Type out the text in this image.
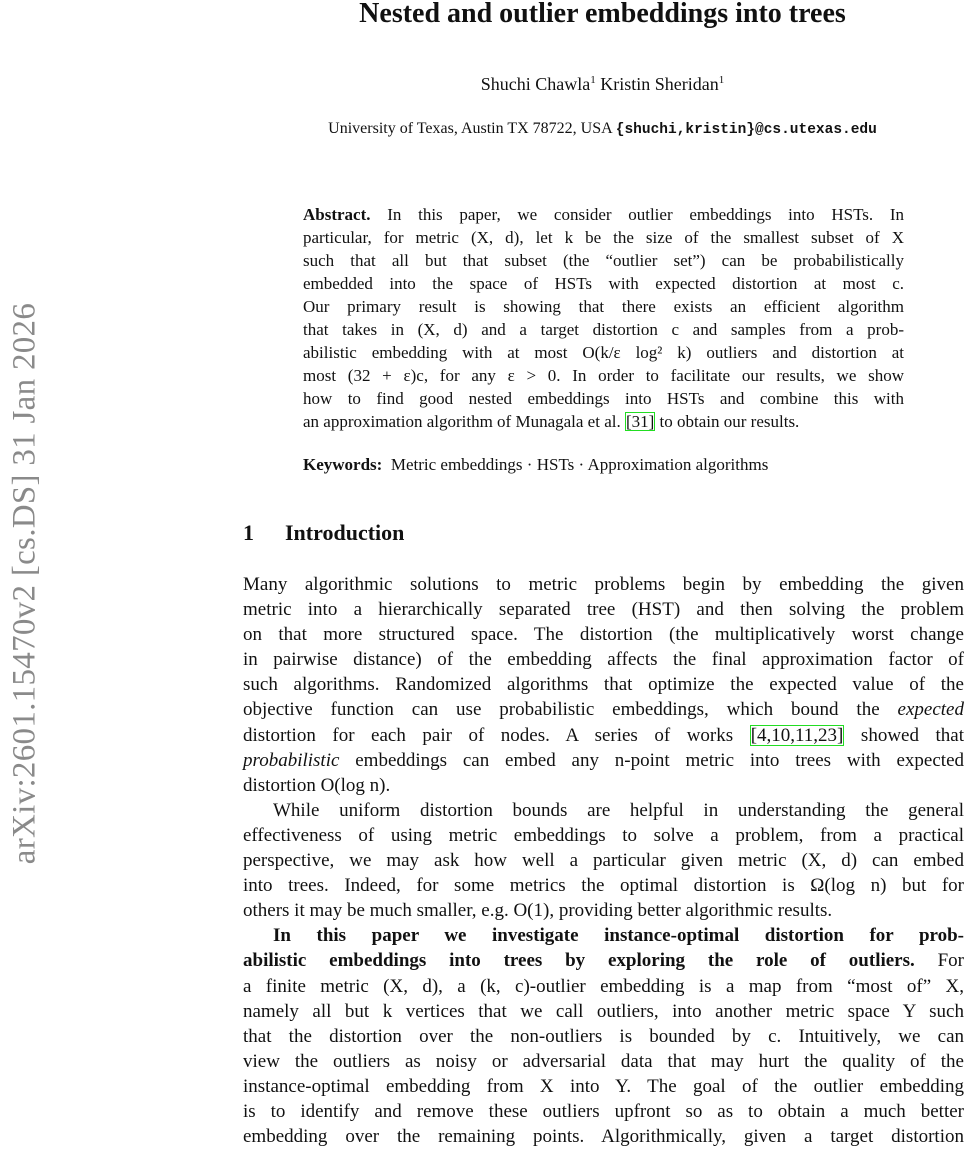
arXiv:2601.15470v2 [cs.DS] 31 Jan 2026
Nested and outlier embeddings into trees
Shuchi Chawla$^1$ Kristin Sheridan$^1$
University of Texas, Austin TX 78722, USA {shuchi,kristin}@cs.utexas.edu
Abstract. In this paper, we consider outlier embeddings into HSTs. In
particular, for metric (X, d), let k be the size of the smallest subset of X
such that all but that subset (the “outlier set”) can be probabilistically
embedded into the space of HSTs with expected distortion at most c.
Our primary result is showing that there exists an efficient algorithm
that takes in (X, d) and a target distortion c and samples from a prob-
abilistic embedding with at most O(k/ε log² k) outliers and distortion at
most (32 + ε)c, for any ε > 0. In order to facilitate our results, we show
how to find good nested embeddings into HSTs and combine this with
an approximation algorithm of Munagala et al. [31] to obtain our results.
Keywords: Metric embeddings · HSTs · Approximation algorithms
1 Introduction
Many algorithmic solutions to metric problems begin by embedding the given
metric into a hierarchically separated tree (HST) and then solving the problem
on that more structured space. The distortion (the multiplicatively worst change
in pairwise distance) of the embedding affects the final approximation factor of
such algorithms. Randomized algorithms that optimize the expected value of the
objective function can use probabilistic embeddings, which bound the expected
distortion for each pair of nodes. A series of works [4,10,11,23] showed that
probabilistic embeddings can embed any n-point metric into trees with expected
distortion O(log n).
While uniform distortion bounds are helpful in understanding the general
effectiveness of using metric embeddings to solve a problem, from a practical
perspective, we may ask how well a particular given metric (X, d) can embed
into trees. Indeed, for some metrics the optimal distortion is Ω(log n) but for
others it may be much smaller, e.g. O(1), providing better algorithmic results.
In this paper we investigate instance-optimal distortion for prob-
abilistic embeddings into trees by exploring the role of outliers. For
a finite metric (X, d), a (k, c)-outlier embedding is a map from “most of” X,
namely all but k vertices that we call outliers, into another metric space Y such
that the distortion over the non-outliers is bounded by c. Intuitively, we can
view the outliers as noisy or adversarial data that may hurt the quality of the
instance-optimal embedding from X into Y. The goal of the outlier embedding
is to identify and remove these outliers upfront so as to obtain a much better
embedding over the remaining points. Algorithmically, given a target distortion
